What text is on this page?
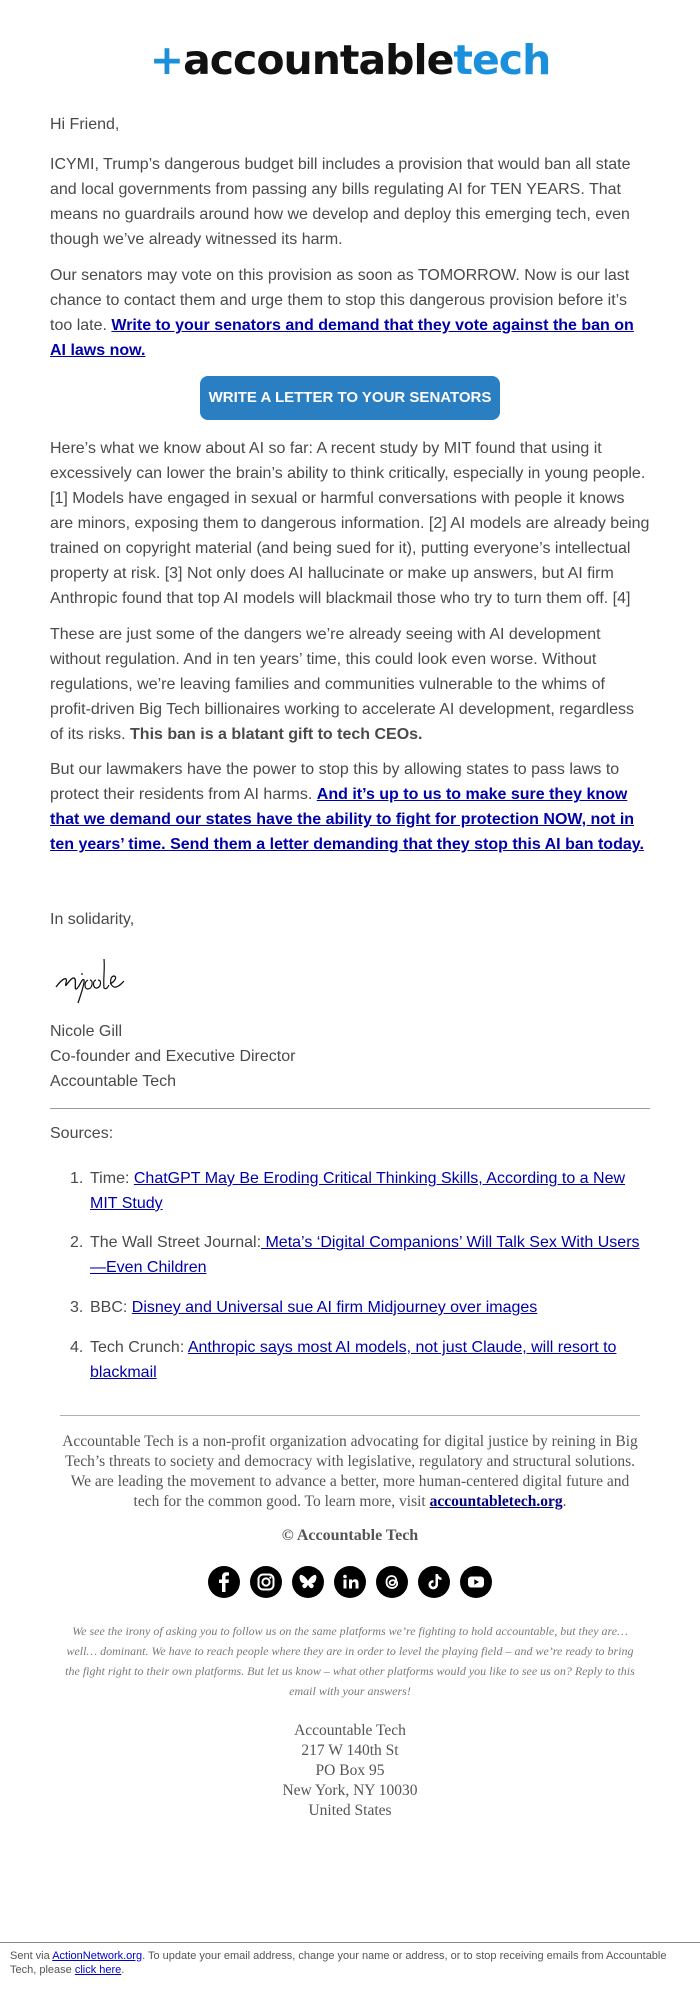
+accountabletech

Hi Friend,

ICYMI, Trump’s dangerous budget bill includes a provision that would ban all state and local governments from passing any bills regulating AI for TEN YEARS. That means no guardrails around how we develop and deploy this emerging tech, even though we’ve already witnessed its harm.

Our senators may vote on this provision as soon as TOMORROW. Now is our last chance to contact them and urge them to stop this dangerous provision before it’s too late. Write to your senators and demand that they vote against the ban on AI laws now.

WRITE A LETTER TO YOUR SENATORS

Here’s what we know about AI so far: A recent study by MIT found that using it excessively can lower the brain’s ability to think critically, especially in young people. [1] Models have engaged in sexual or harmful conversations with people it knows are minors, exposing them to dangerous information. [2] AI models are already being trained on copyright material (and being sued for it), putting everyone’s intellectual property at risk. [3] Not only does AI hallucinate or make up answers, but AI firm Anthropic found that top AI models will blackmail those who try to turn them off. [4]

These are just some of the dangers we’re already seeing with AI development without regulation. And in ten years’ time, this could look even worse. Without regulations, we’re leaving families and communities vulnerable to the whims of profit-driven Big Tech billionaires working to accelerate AI development, regardless of its risks. This ban is a blatant gift to tech CEOs.

But our lawmakers have the power to stop this by allowing states to pass laws to protect their residents from AI harms. And it’s up to us to make sure they know that we demand our states have the ability to fight for protection NOW, not in ten years’ time. Send them a letter demanding that they stop this AI ban today.

In solidarity,

Nicole

Nicole Gill

Co-founder and Executive Director

Accountable Tech

Sources:
1. Time: ChatGPT May Be Eroding Critical Thinking Skills, According to a New MIT Study
2. The Wall Street Journal: Meta’s ‘Digital Companions’ Will Talk Sex With Users—Even Children
3. BBC: Disney and Universal sue AI firm Midjourney over images
4. Tech Crunch: Anthropic says most AI models, not just Claude, will resort to blackmail
Accountable Tech is a non-profit organization advocating for digital justice by reining in Big Tech’s threats to society and democracy with legislative, regulatory and structural solutions. We are leading the movement to advance a better, more human-centered digital future and tech for the common good. To learn more, visit accountabletech.org.
© Accountable Tech
We see the irony of asking you to follow us on the same platforms we’re fighting to hold accountable, but they are… well… dominant. We have to reach people where they are in order to level the playing field – and we’re ready to bring the fight right to their own platforms. But let us know – what other platforms would you like to see us on? Reply to this email with your answers!
Accountable Tech
217 W 140th St
PO Box 95
New York, NY 10030
United States
Sent via ActionNetwork.org. To update your email address, change your name or address, or to stop receiving emails from Accountable Tech, please click here.
